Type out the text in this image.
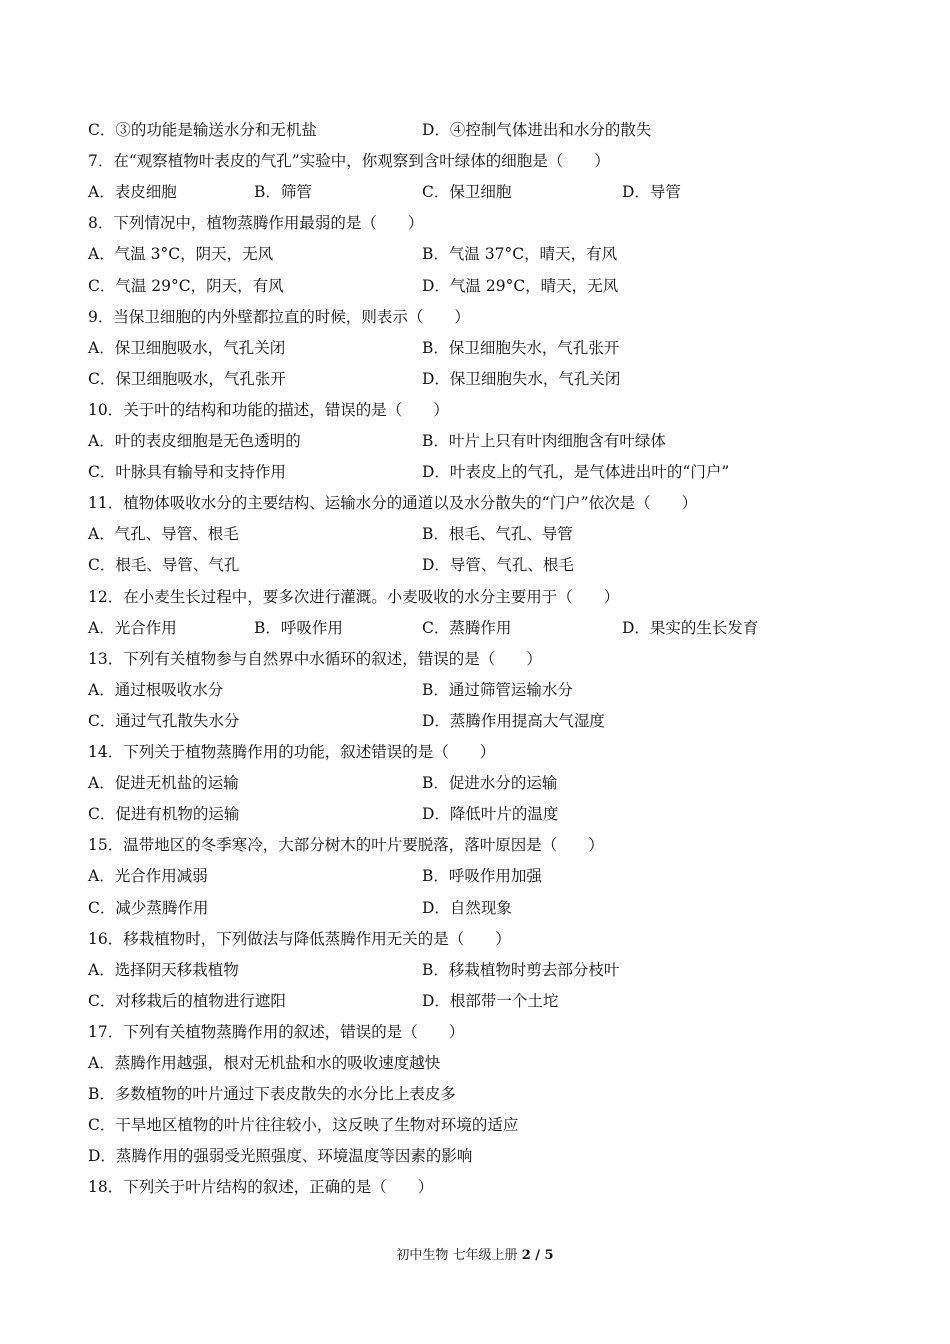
C．③的功能是输送水分和无机盐	D．④控制气体进出和水分的散失
7．在“观察植物叶表皮的气孔”实验中，你观察到含叶绿体的细胞是（　　）
A．表皮细胞	B．筛管	C．保卫细胞	D．导管
8．下列情况中，植物蒸腾作用最弱的是（　　）
A．气温 3°C，阴天，无风	B．气温 37°C，晴天，有风
C．气温 29°C，阴天，有风	D．气温 29°C，晴天，无风
9．当保卫细胞的内外壁都拉直的时候，则表示（　　）
A．保卫细胞吸水，气孔关闭	B．保卫细胞失水，气孔张开
C．保卫细胞吸水，气孔张开	D．保卫细胞失水，气孔关闭
10．关于叶的结构和功能的描述，错误的是（　　）
A．叶的表皮细胞是无色透明的	B．叶片上只有叶肉细胞含有叶绿体
C．叶脉具有输导和支持作用	D．叶表皮上的气孔，是气体进出叶的“门户”
11．植物体吸收水分的主要结构、运输水分的通道以及水分散失的“门户”依次是（　　）
A．气孔、导管、根毛	B．根毛、气孔、导管
C．根毛、导管、气孔	D．导管、气孔、根毛
12．在小麦生长过程中，要多次进行灌溉。小麦吸收的水分主要用于（　　）
A．光合作用	B．呼吸作用	C．蒸腾作用	D．果实的生长发育
13．下列有关植物参与自然界中水循环的叙述，错误的是（　　）
A．通过根吸收水分	B．通过筛管运输水分
C．通过气孔散失水分	D．蒸腾作用提高大气湿度
14．下列关于植物蒸腾作用的功能，叙述错误的是（　　）
A．促进无机盐的运输	B．促进水分的运输
C．促进有机物的运输	D．降低叶片的温度
15．温带地区的冬季寒冷，大部分树木的叶片要脱落，落叶原因是（　　）
A．光合作用减弱	B．呼吸作用加强
C．减少蒸腾作用	D．自然现象
16．移栽植物时，下列做法与降低蒸腾作用无关的是（　　）
A．选择阴天移栽植物	B．移栽植物时剪去部分枝叶
C．对移栽后的植物进行遮阳	D．根部带一个土坨
17．下列有关植物蒸腾作用的叙述，错误的是（　　）
A．蒸腾作用越强，根对无机盐和水的吸收速度越快
B．多数植物的叶片通过下表皮散失的水分比上表皮多
C．干旱地区植物的叶片往往较小，这反映了生物对环境的适应
D．蒸腾作用的强弱受光照强度、环境温度等因素的影响
18．下列关于叶片结构的叙述，正确的是（　　）
初中生物 七年级上册 2 / 5
